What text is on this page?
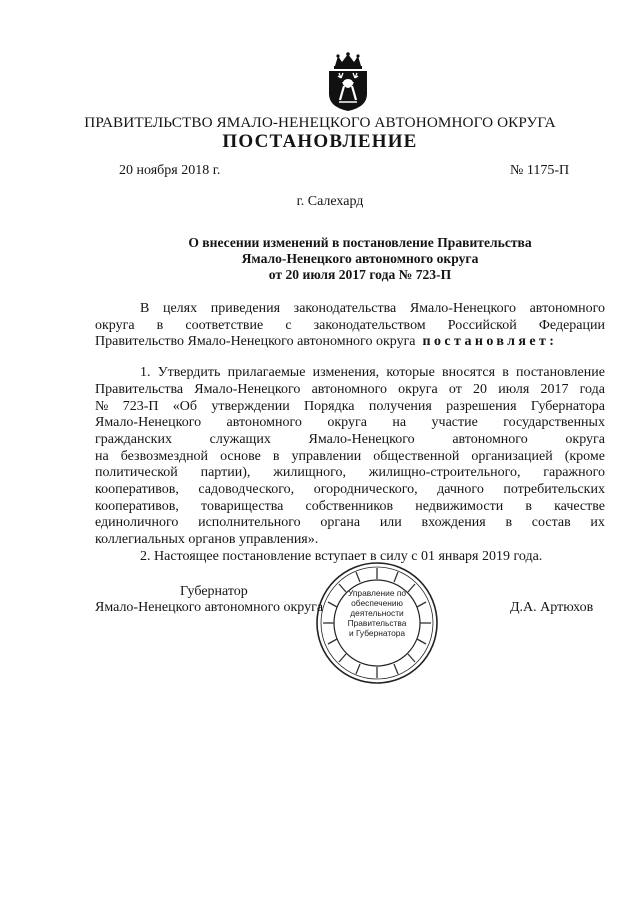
ПРАВИТЕЛЬСТВО ЯМАЛО-НЕНЕЦКОГО АВТОНОМНОГО ОКРУГА
ПОСТАНОВЛЕНИЕ
20 ноября 2018 г.	№ 1175-П
г. Салехард
О внесении изменений в постановление Правительства
Ямало-Ненецкого автономного округа
от 20 июля 2017 года № 723-П
В целях приведения законодательства Ямало-Ненецкого автономного
округа в соответствие с законодательством Российской Федерации
Правительство Ямало-Ненецкого автономного округа постановляет:
1. Утвердить прилагаемые изменения, которые вносятся в постановление
Правительства Ямало-Ненецкого автономного округа от 20 июля 2017 года
№ 723-П «Об утверждении Порядка получения разрешения Губернатора
Ямало-Ненецкого автономного округа на участие государственных
гражданских	служащих	Ямало-Ненецкого	автономного	округа
на безвозмездной основе в управлении общественной организацией (кроме
политической партии), жилищного, жилищно-строительного, гаражного
кооперативов, садоводческого, огороднического, дачного потребительских
кооперативов, товарищества собственников недвижимости в качестве
единоличного исполнительного органа или вхождения в состав их
коллегиальных органов управления».
2. Настоящее постановление вступает в силу с 01 января 2019 года.
Губернатор
Ямало-Ненецкого автономного округа	Д.А. Артюхов
Управление по
обеспечению
деятельности
Правительства
и Губернатора
